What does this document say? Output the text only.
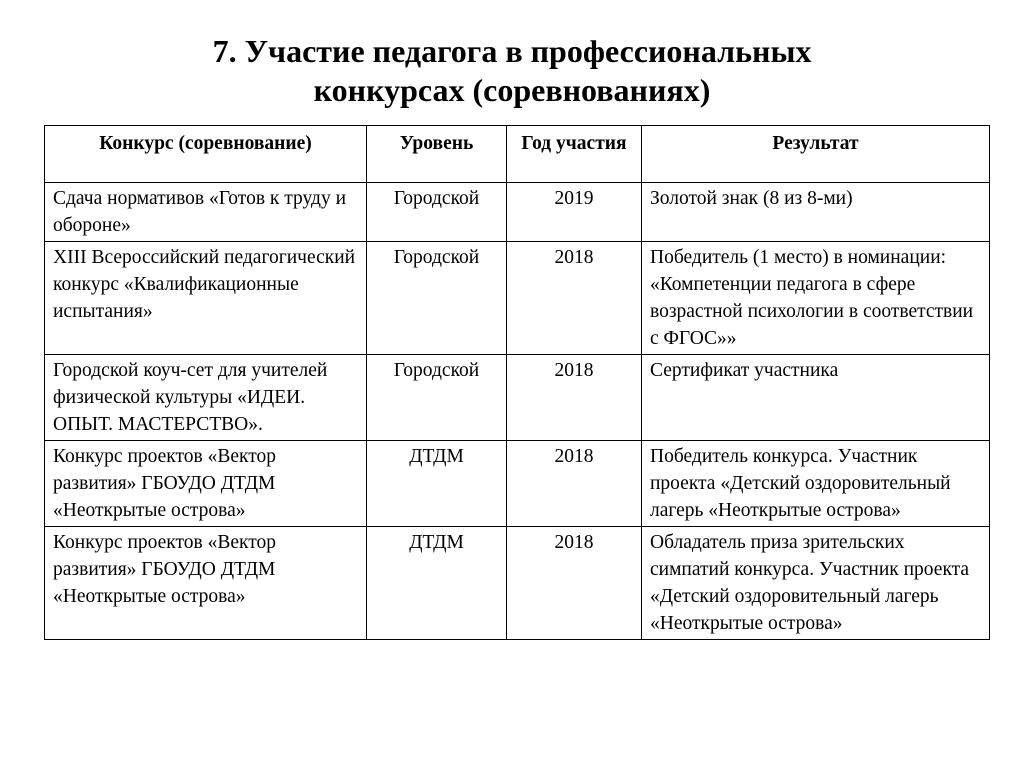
7. Участие педагога в профессиональных
конкурсах (соревнованиях)
Конкурс (соревнование)	Уровень	Год участия	Результат
Сдача нормативов «Готов к труду и обороне»	Городской	2019	Золотой знак (8 из 8-ми)
XIII Всероссийский педагогический конкурс «Квалификационные испытания»	Городской	2018	Победитель (1 место) в номинации: «Компетенции педагога в сфере возрастной психологии в соответствии с ФГОС»»
Городской коуч-сет для учителей физической культуры «ИДЕИ. ОПЫТ. МАСТЕРСТВО».	Городской	2018	Сертификат участника
Конкурс проектов «Вектор развития» ГБОУДО ДТДМ «Неоткрытые острова»	ДТДМ	2018	Победитель конкурса. Участник проекта «Детский оздоровительный лагерь «Неоткрытые острова»
Конкурс проектов «Вектор развития» ГБОУДО ДТДМ «Неоткрытые острова»	ДТДМ	2018	Обладатель приза зрительских симпатий конкурса. Участник проекта «Детский оздоровительный лагерь «Неоткрытые острова»
